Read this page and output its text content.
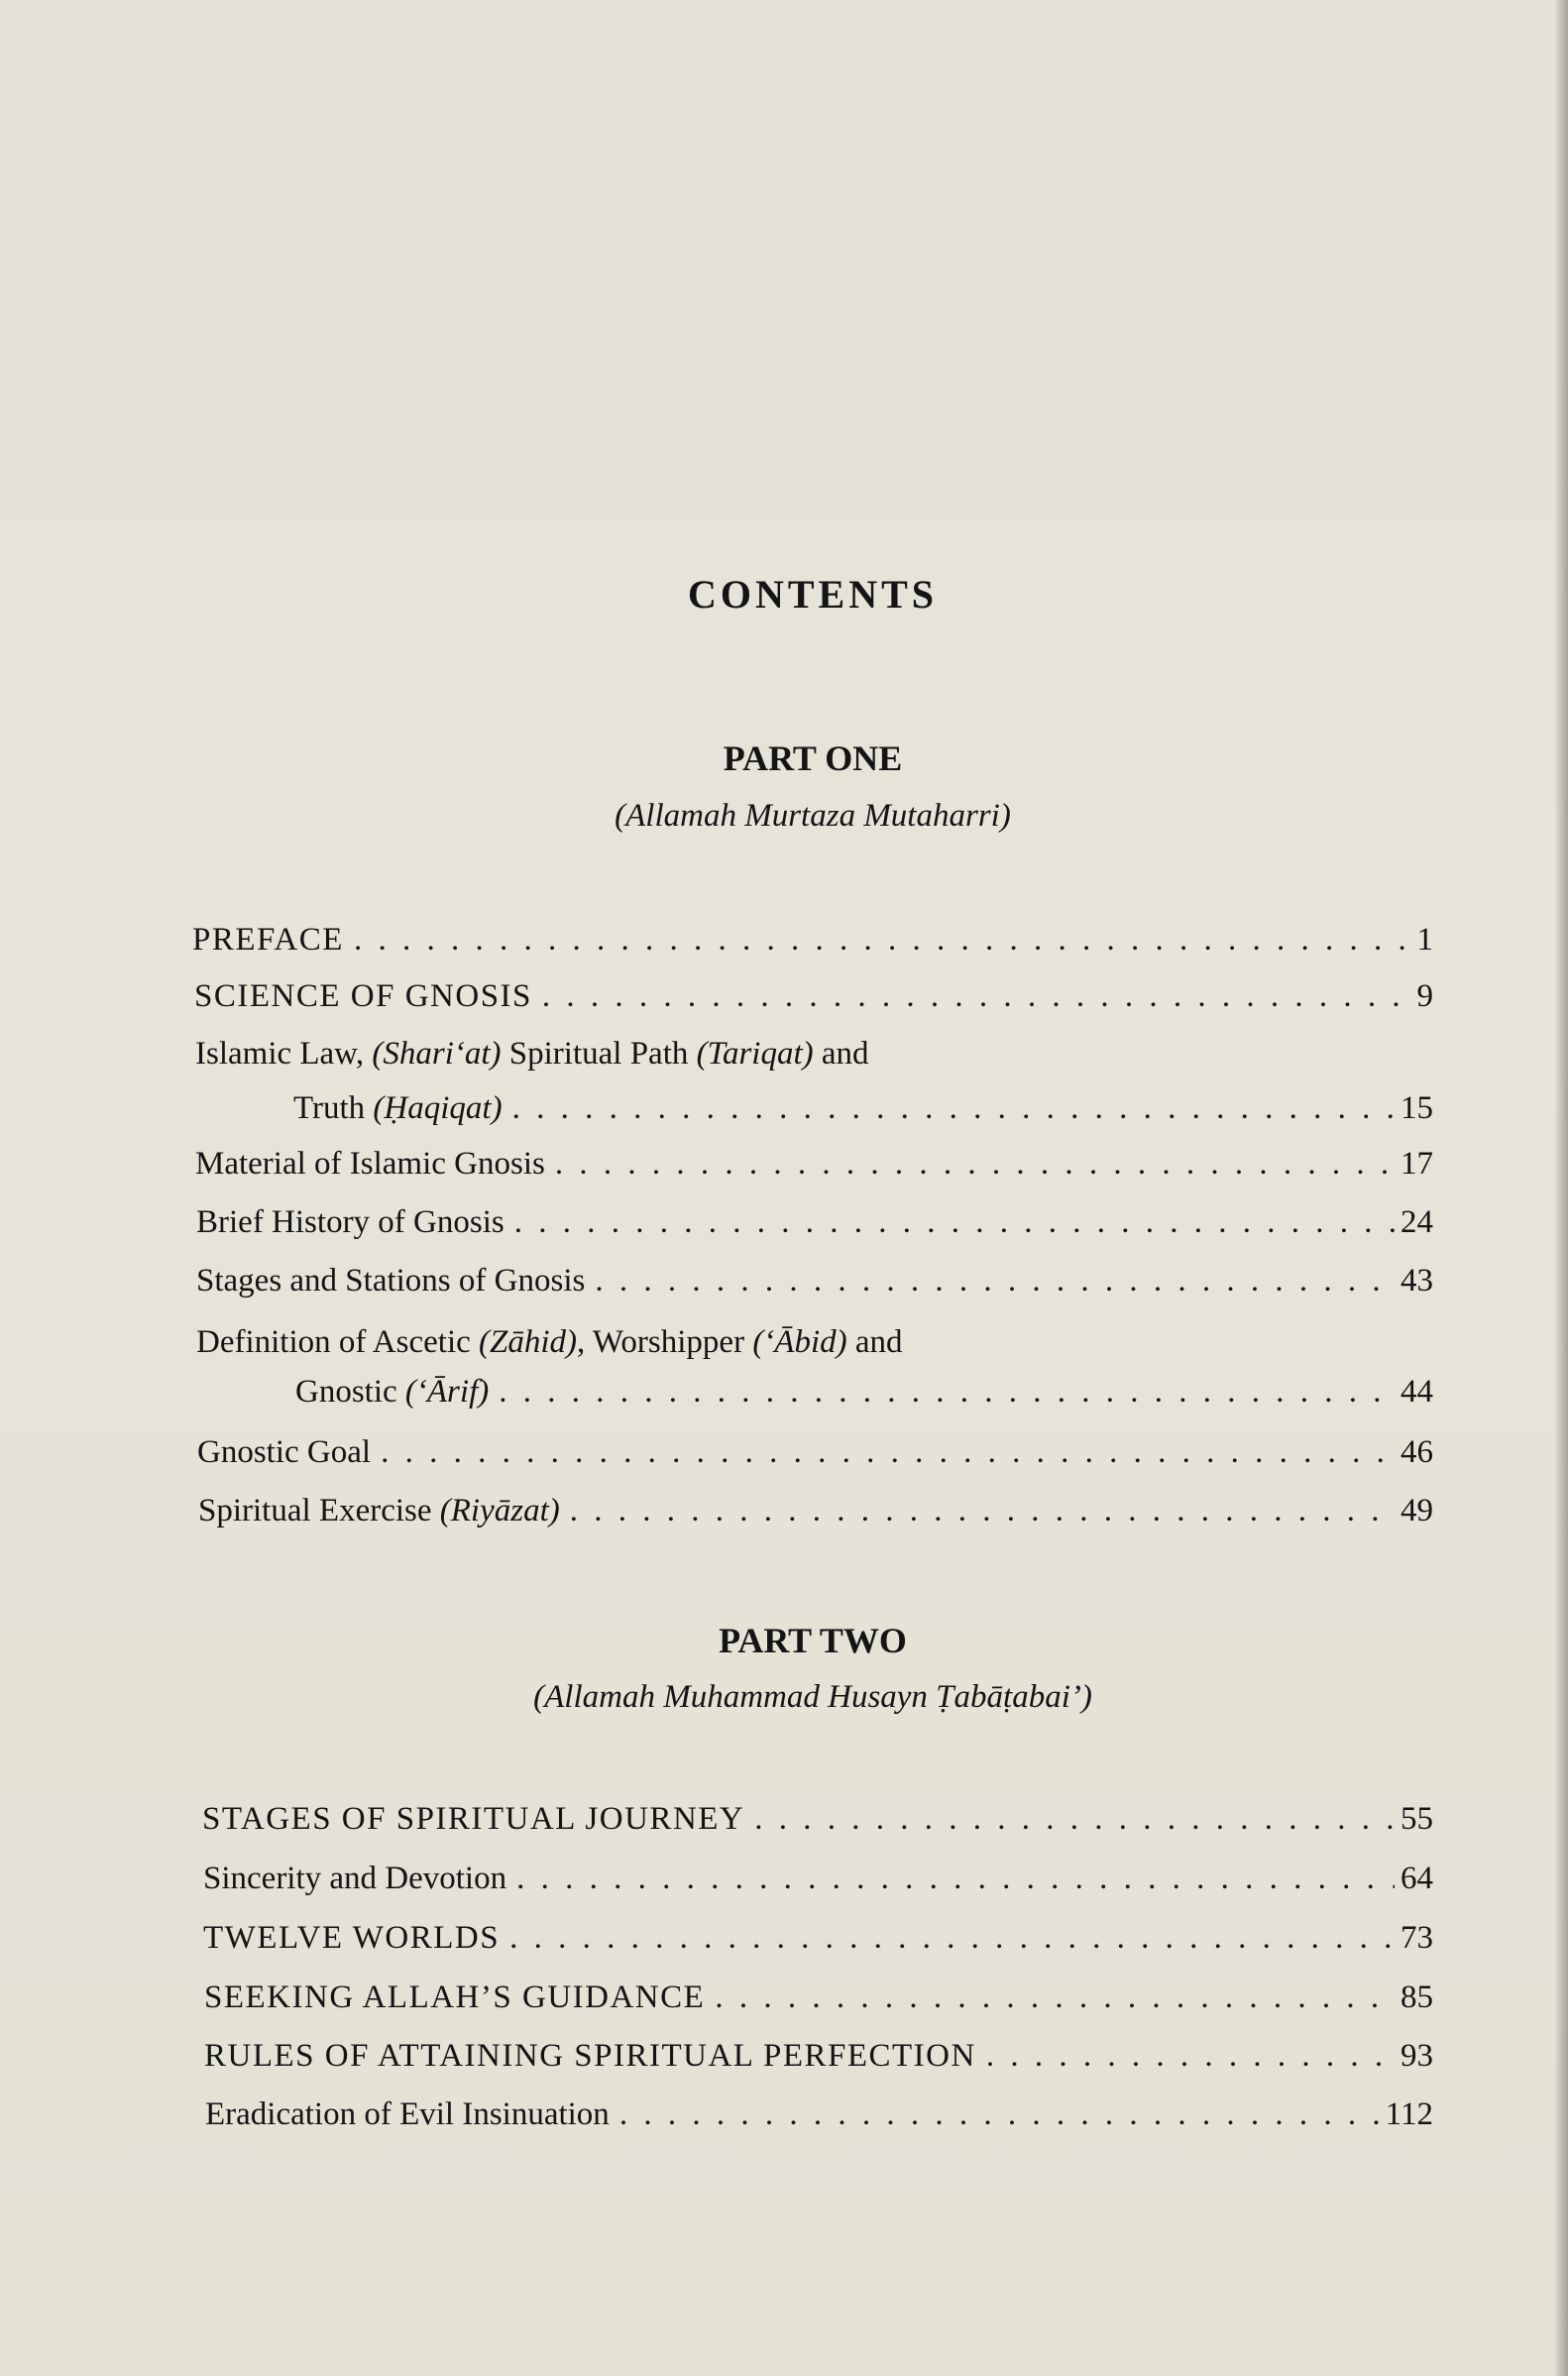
CONTENTS
PART ONE
(Allamah Murtaza Mutaharri)
PREFACE . . .	1
SCIENCE OF GNOSIS . . .	9
Islamic Law, (Shari‘at) Spiritual Path (Tariqat) and
Truth (Ḥaqiqat) . . .	15
Material of Islamic Gnosis . . .	17
Brief History of Gnosis . . .	24
Stages and Stations of Gnosis . . .	43
Definition of Ascetic (Zāhid), Worshipper (‘Ābid) and
Gnostic (‘Ārif) . . .	44
Gnostic Goal . . .	46
Spiritual Exercise (Riyāzat) . . .	49
PART TWO
(Allamah Muhammad Husayn Ṭabāṭabai’)
STAGES OF SPIRITUAL JOURNEY . . .	55
Sincerity and Devotion . . .	64
TWELVE WORLDS . . .	73
SEEKING ALLAH’S GUIDANCE . . .	85
RULES OF ATTAINING SPIRITUAL PERFECTION . . .	93
Eradication of Evil Insinuation . . .	112
